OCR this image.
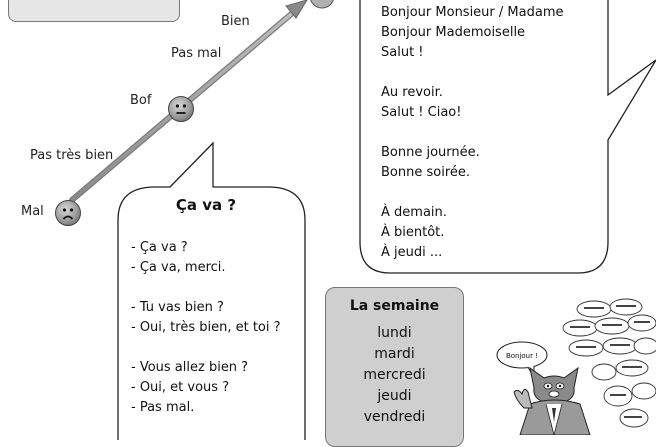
Bien
Pas mal
Bof
Pas très bien
Mal	Ça va ?
- Ça va ?
- Ça va, merci.

- Tu vas bien ?
- Oui, très bien, et toi ?

- Vous allez bien ?
- Oui, et vous ?
- Pas mal.
Bonjour Monsieur / Madame
Bonjour Mademoiselle
Salut !

Au revoir.
Salut ! Ciao!

Bonne journée.
Bonne soirée.

À demain.
À bientôt.
À jeudi ...
La semaine
lundi
mardi
mercredi
jeudi
vendredi
Bonjour !
